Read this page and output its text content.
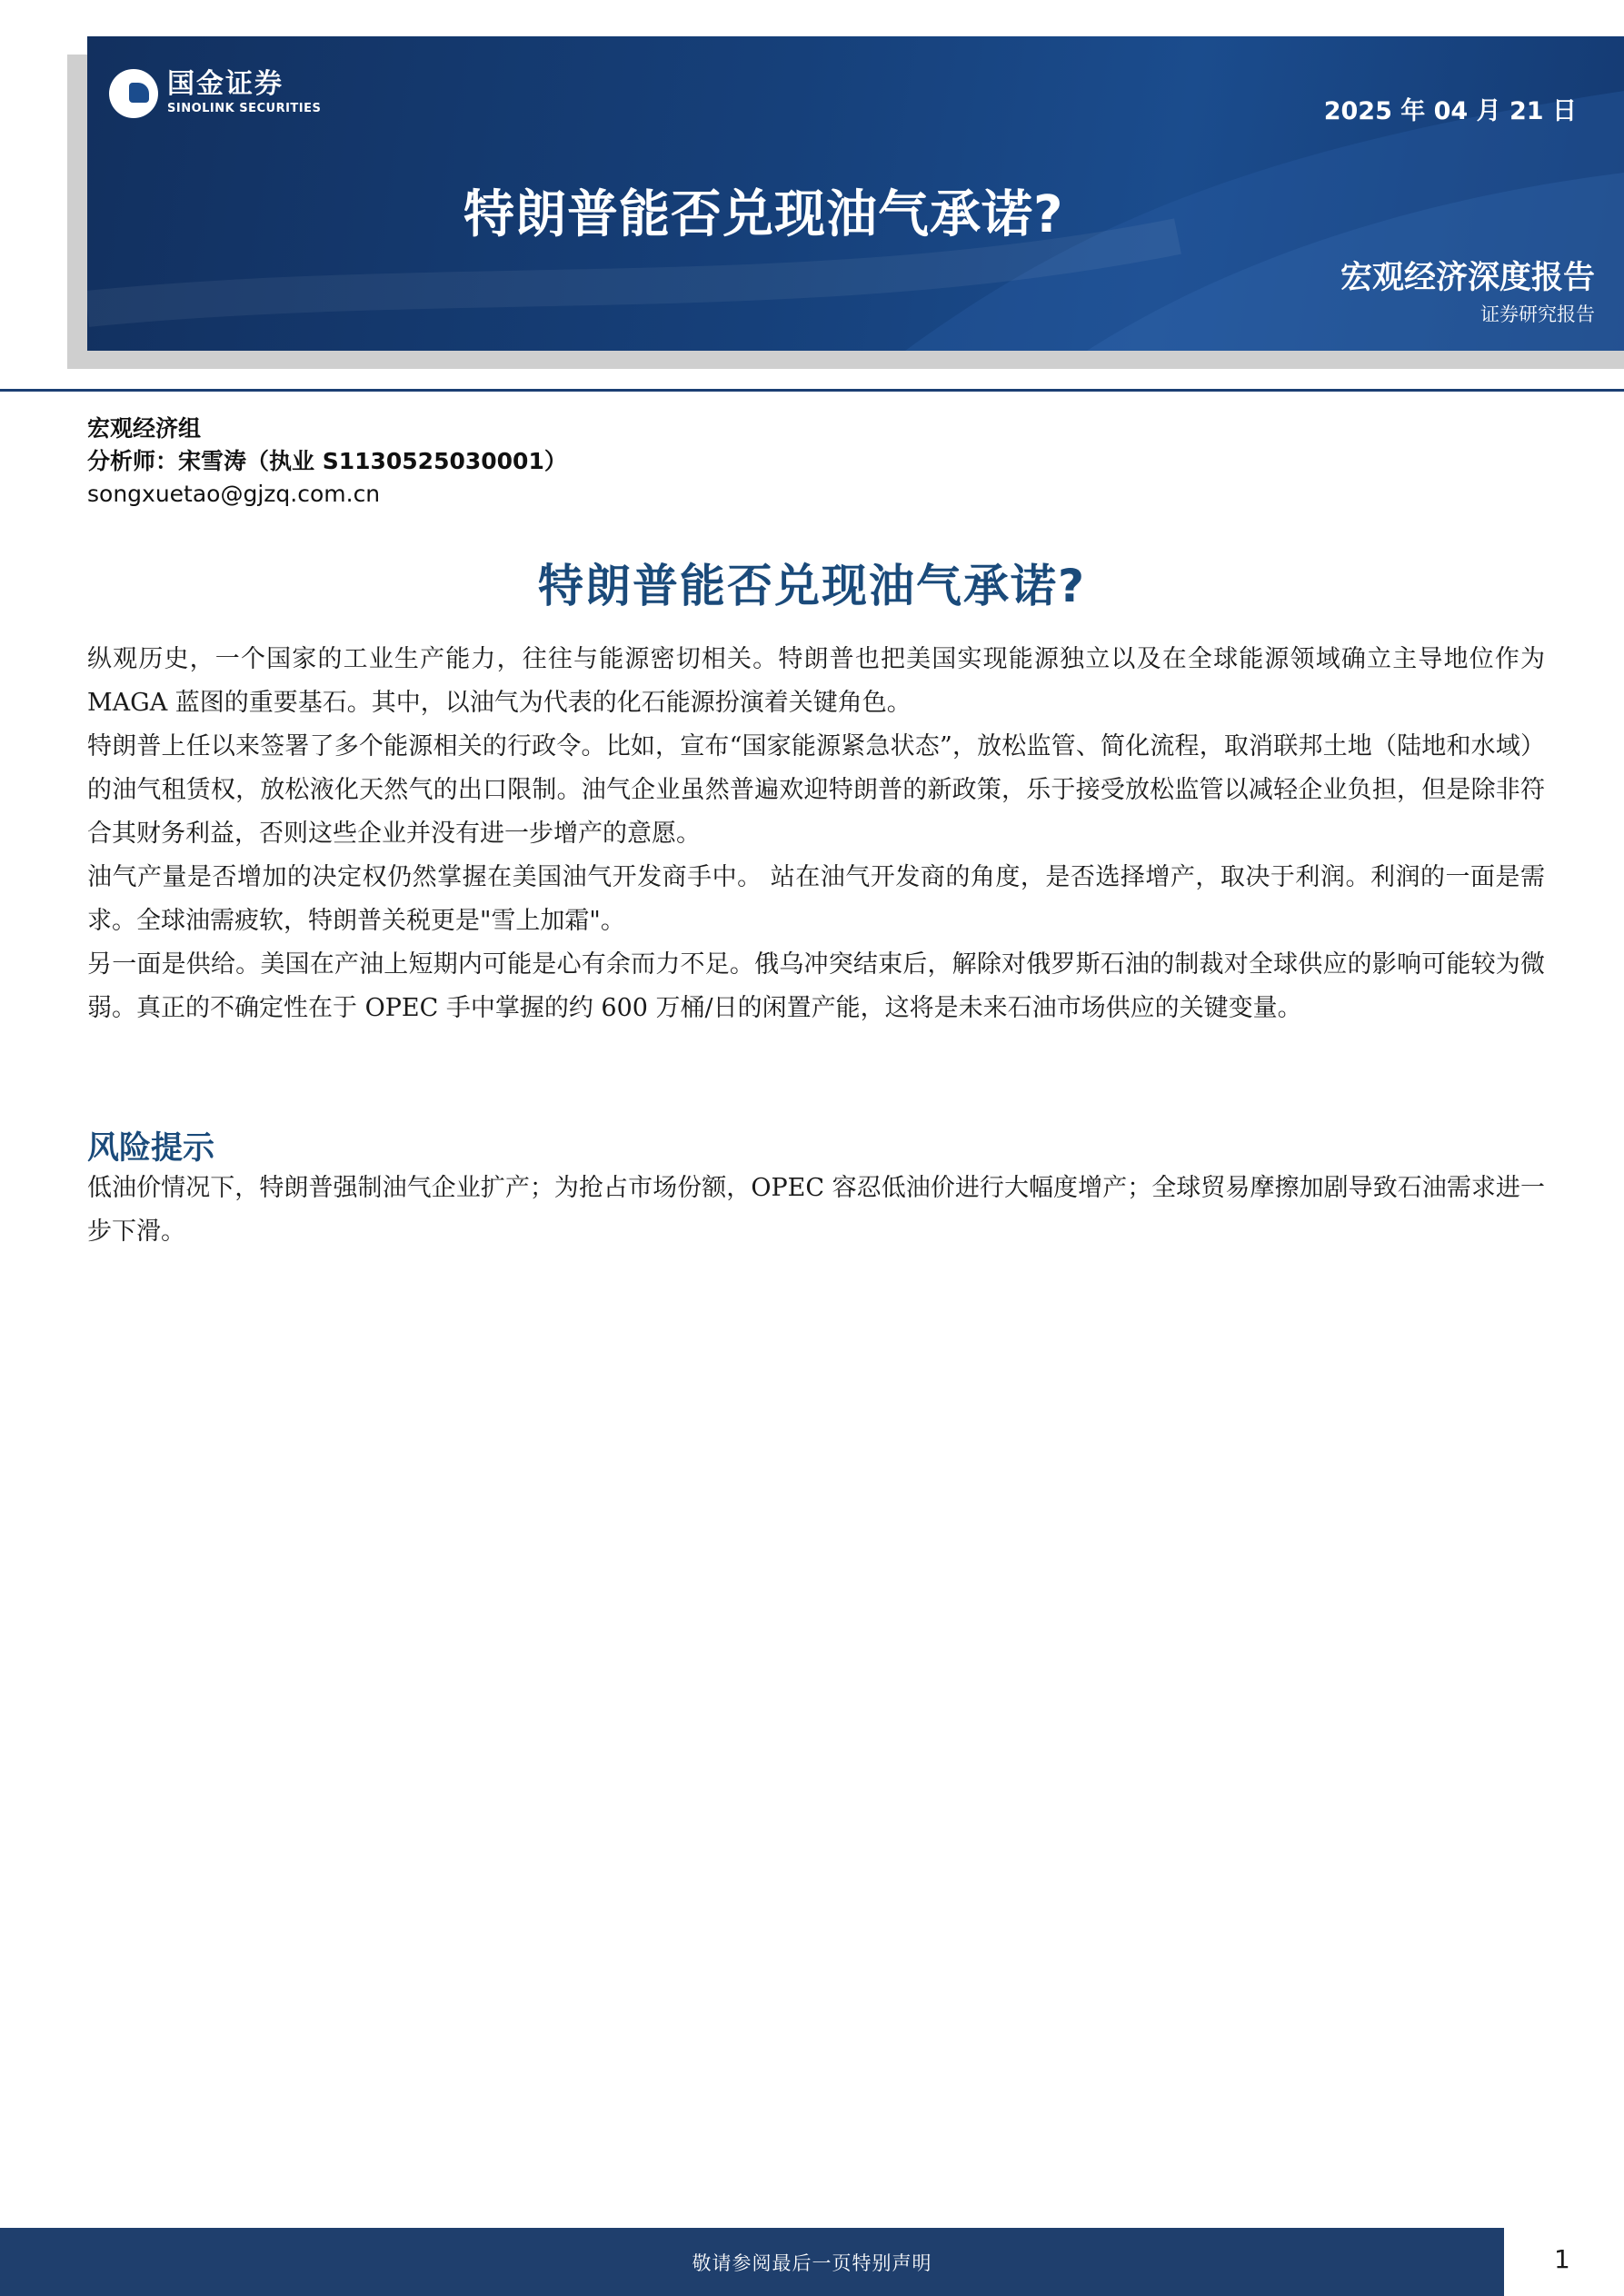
国金证券
SINOLINK SECURITIES	2025 年 04 月 21 日
特朗普能否兑现油气承诺?
宏观经济深度报告
证券研究报告
宏观经济组
分析师：宋雪涛（执业 S1130525030001）
songxuetao@gjzq.com.cn
特朗普能否兑现油气承诺?

纵观历史，一个国家的工业生产能力，往往与能源密切相关。特朗普也把美国实现能源独立以及在全球能源领域确立主导地位作为 MAGA 蓝图的重要基石。其中，以油气为代表的化石能源扮演着关键角色。

特朗普上任以来签署了多个能源相关的行政令。比如，宣布“国家能源紧急状态”，放松监管、简化流程，取消联邦土地（陆地和水域）的油气租赁权，放松液化天然气的出口限制。油气企业虽然普遍欢迎特朗普的新政策，乐于接受放松监管以减轻企业负担，但是除非符合其财务利益，否则这些企业并没有进一步增产的意愿。

油气产量是否增加的决定权仍然掌握在美国油气开发商手中。 站在油气开发商的角度，是否选择增产，取决于利润。利润的一面是需求。全球油需疲软，特朗普关税更是"雪上加霜"。

另一面是供给。美国在产油上短期内可能是心有余而力不足。俄乌冲突结束后，解除对俄罗斯石油的制裁对全球供应的影响可能较为微弱。真正的不确定性在于 OPEC 手中掌握的约 600 万桶/日的闲置产能，这将是未来石油市场供应的关键变量。

风险提示

低油价情况下，特朗普强制油气企业扩产；为抢占市场份额，OPEC 容忍低油价进行大幅度增产；全球贸易摩擦加剧导致石油需求进一步下滑。

敬请参阅最后一页特别声明	1
